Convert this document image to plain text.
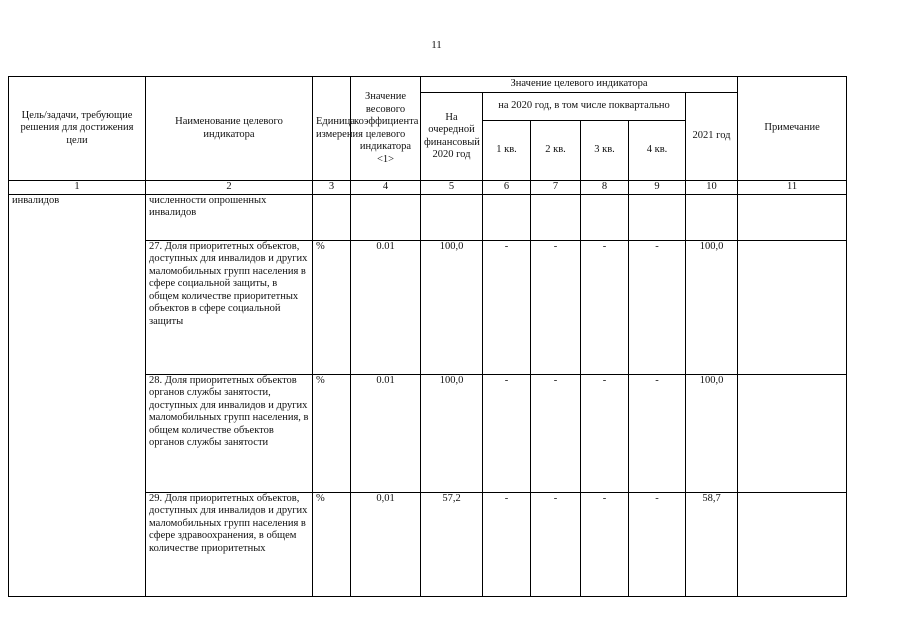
11
Цель/задачи, требующие решения для достижения цели	Наименование целевого индикатора	Единица измерения	Значение весового коэффициента целевого индикатора <1>	Значение целевого индикатора						Примечание
				На очередной финансовый 2020 год	на 2020 год, в том числе поквартально				2021 год	
					1 кв.	2 кв.	3 кв.	4 кв.		
1	2	3	4	5	6	7	8	9	10	11
инвалидов	численности опрошенных инвалидов									
	27. Доля приоритетных объектов, доступных для инвалидов и других маломобильных групп населения в сфере социальной защиты, в общем количестве приоритетных объектов в сфере социальной защиты	%	0.01	100,0	-	-	-	-	100,0	
	28. Доля приоритетных объектов органов службы занятости, доступных для инвалидов и других маломобильных групп населения, в общем количестве объектов органов службы занятости	%	0.01	100,0	-	-	-	-	100,0	
	29. Доля приоритетных объектов, доступных для инвалидов и других маломобильных групп населения в сфере здравоохранения, в общем количестве приоритетных	%	0,01	57,2	-	-	-	-	58,7	
